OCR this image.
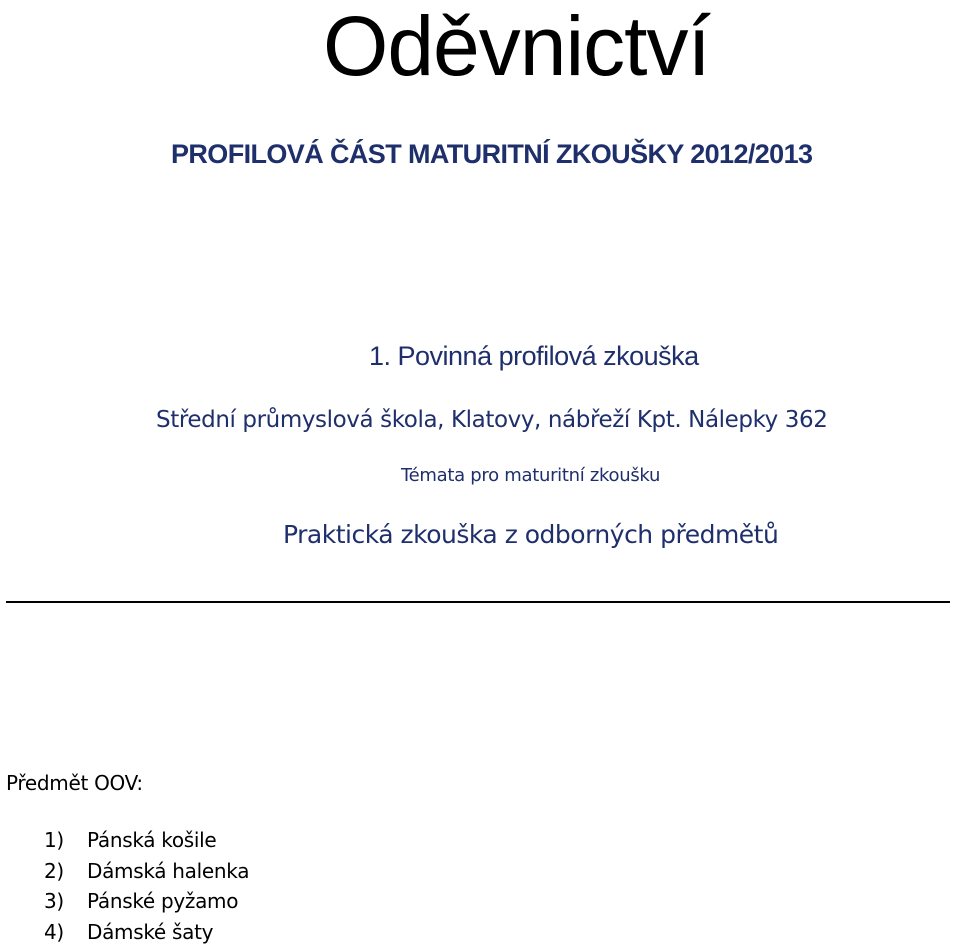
Oděvnictví
PROFILOVÁ ČÁST MATURITNÍ ZKOUŠKY 2012/2013
1. Povinná profilová zkouška
Střední průmyslová škola, Klatovy, nábřeží Kpt. Nálepky 362
Témata pro maturitní zkoušku
Praktická zkouška z odborných předmětů
Předmět OOV:
1) Pánská košile
2) Dámská halenka
3) Pánské pyžamo
4) Dámské šaty
